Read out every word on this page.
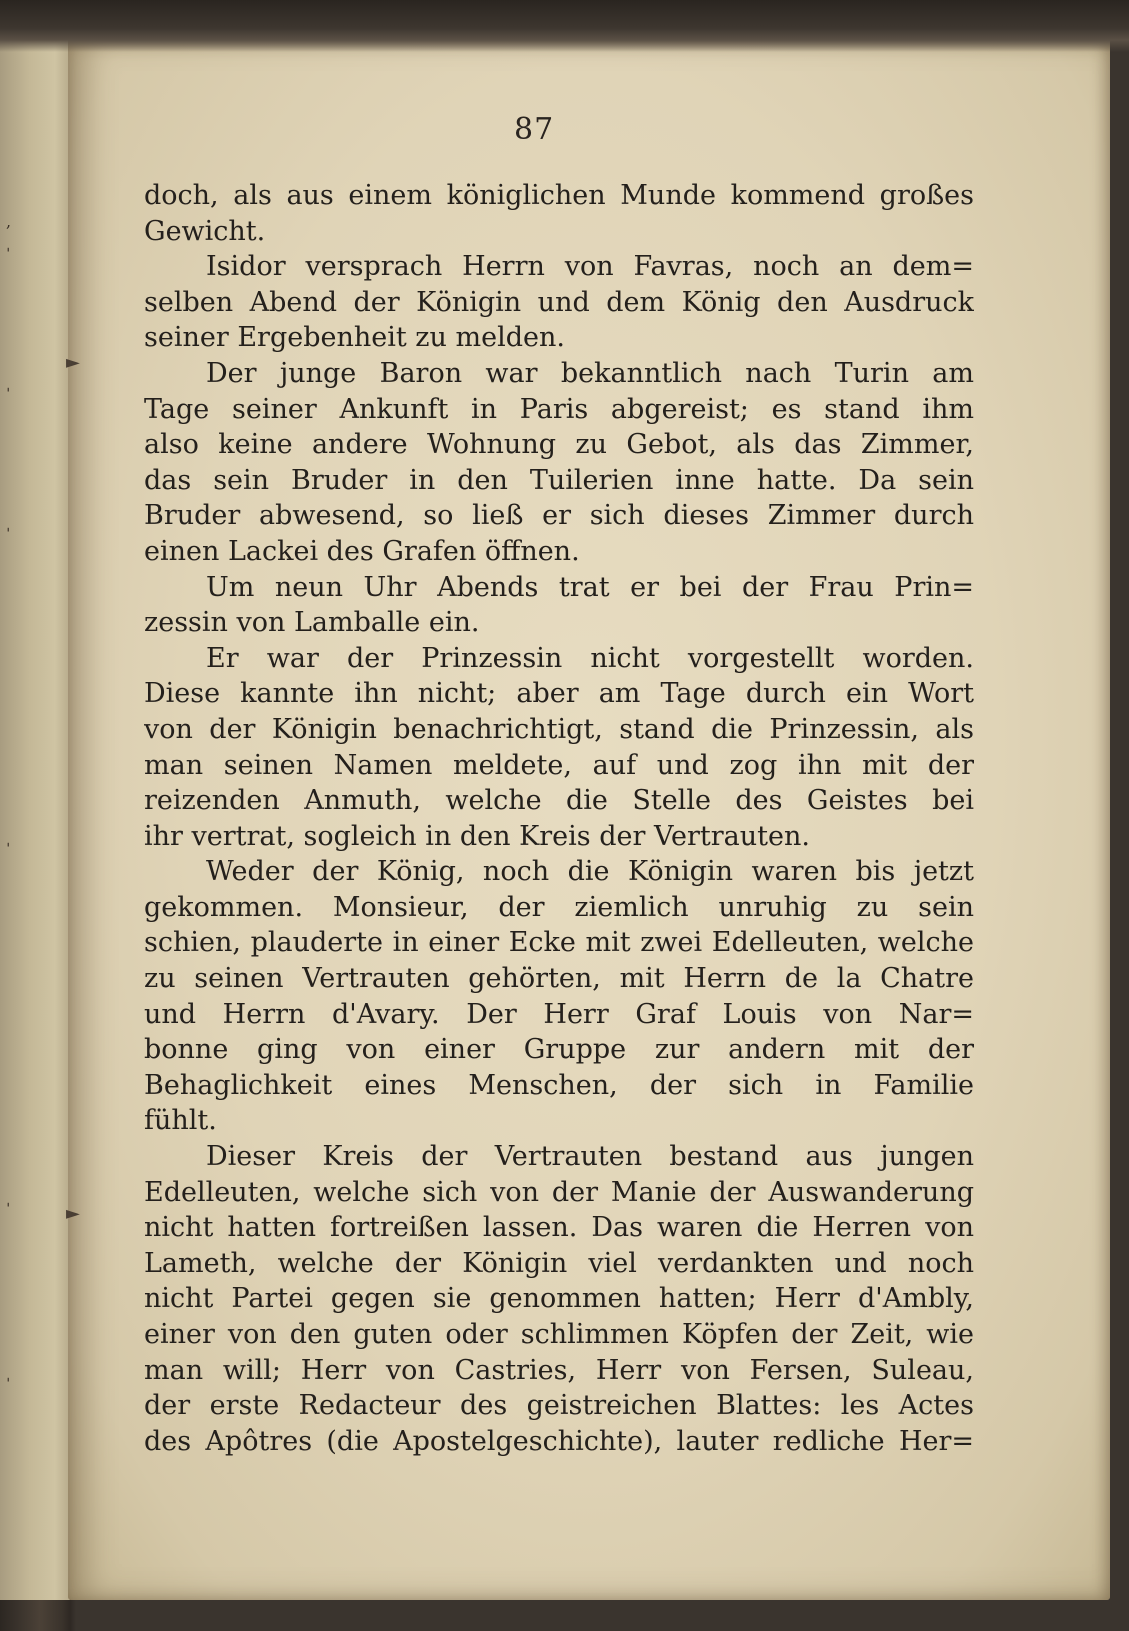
,
ˈ
ˈ
ˈ
ˈ
ˈ
ˈ
►
►
87
doch, als aus einem königlichen Munde kommend großes
Gewicht.
Isidor versprach Herrn von Favras, noch an dem=
selben Abend der Königin und dem König den Ausdruck
seiner Ergebenheit zu melden.
Der junge Baron war bekanntlich nach Turin am
Tage seiner Ankunft in Paris abgereist; es stand ihm
also keine andere Wohnung zu Gebot, als das Zimmer,
das sein Bruder in den Tuilerien inne hatte. Da sein
Bruder abwesend, so ließ er sich dieses Zimmer durch
einen Lackei des Grafen öffnen.
Um neun Uhr Abends trat er bei der Frau Prin=
zessin von Lamballe ein.
Er war der Prinzessin nicht vorgestellt worden.
Diese kannte ihn nicht; aber am Tage durch ein Wort
von der Königin benachrichtigt, stand die Prinzessin, als
man seinen Namen meldete, auf und zog ihn mit der
reizenden Anmuth, welche die Stelle des Geistes bei
ihr vertrat, sogleich in den Kreis der Vertrauten.
Weder der König, noch die Königin waren bis jetzt
gekommen. Monsieur, der ziemlich unruhig zu sein
schien, plauderte in einer Ecke mit zwei Edelleuten, welche
zu seinen Vertrauten gehörten, mit Herrn de la Chatre
und Herrn d'Avary. Der Herr Graf Louis von Nar=
bonne ging von einer Gruppe zur andern mit der
Behaglichkeit eines Menschen, der sich in Familie
fühlt.
Dieser Kreis der Vertrauten bestand aus jungen
Edelleuten, welche sich von der Manie der Auswanderung
nicht hatten fortreißen lassen. Das waren die Herren von
Lameth, welche der Königin viel verdankten und noch
nicht Partei gegen sie genommen hatten; Herr d'Ambly,
einer von den guten oder schlimmen Köpfen der Zeit, wie
man will; Herr von Castries, Herr von Fersen, Suleau,
der erste Redacteur des geistreichen Blattes: les Actes
des Apôtres (die Apostelgeschichte), lauter redliche Her=
